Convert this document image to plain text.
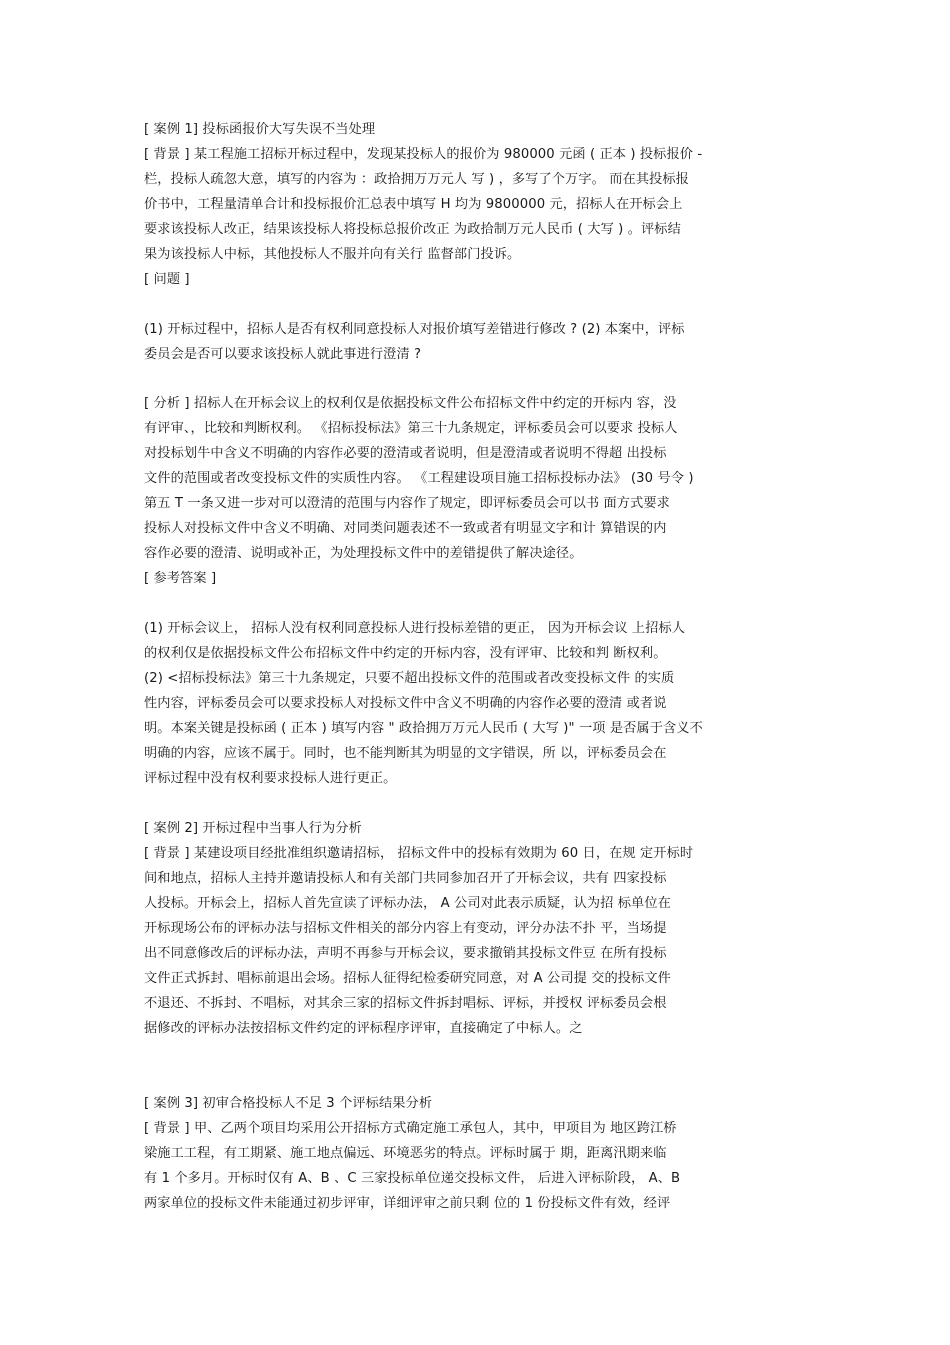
[ 案例 1] 投标函报价大写失误不当处理
[ 背景 ] 某工程施工招标开标过程中，发现某投标人的报价为 980000 元函 ( 正本 ) 投标报价 -
栏，投标人疏忽大意，填写的内容为 ：政拾拥万万元人 写 ) ，多写了个万字。 而在其投标报
价书中，工程量清单合计和投标报价汇总表中填写 H 均为 9800000 元，招标人在开标会上
要求该投标人改正，结果该投标人将投标总报价改正 为政拾制万元人民币 ( 大写 ) 。评标结
果为该投标人中标，其他投标人不服并向有关行 监督部门投诉。
[ 问题 ]
(1) 开标过程中，招标人是否有权利同意投标人对报价填写差错进行修改 ? (2) 本案中，评标
委员会是否可以要求该投标人就此事进行澄清 ?
[ 分析 ] 招标人在开标会议上的权利仅是依据投标文件公布招标文件中约定的开标内 容，没
有评审、，比较和判断权利。 《招标投标法》第三十九条规定，评标委员会可以要求 投标人
对投标划牛中含义不明确的内容作必要的澄清或者说明，但是澄清或者说明不得超 出投标
文件的范围或者改变投标文件的实质性内容。 《工程建设项目施工招标投标办法》 (30 号令 )
第五 T 一条又进一步对可以澄清的范围与内容作了规定，即评标委员会可以书 面方式要求
投标人对投标文件中含义不明确、对同类问题表述不一致或者有明显文字和计 算错误的内
容作必要的澄清、说明或补正，为处理投标文件中的差错提供了解决途径。
[ 参考答案 ]
(1) 开标会议上， 招标人没有权利同意投标人进行投标差错的更正， 因为开标会议 上招标人
的权利仅是依据投标文件公布招标文件中约定的开标内容，没有评审、比较和判 断权利。
(2) <招标投标法》第三十九条规定，只要不超出投标文件的范围或者改变投标文件 的实质
性内容，评标委员会可以要求投标人对投标文件中含义不明确的内容作必要的澄清 或者说
明。本案关键是投标函 ( 正本 ) 填写内容 " 政拾拥万万元人民币 ( 大写 )" 一项 是否属于含义不
明确的内容，应该不属于。同时，也不能判断其为明显的文字错误，所 以，评标委员会在
评标过程中没有权利要求投标人进行更正。
[ 案例 2] 开标过程中当事人行为分析
[ 背景 ] 某建设项目经批准组织邀请招标， 招标文件中的投标有效期为 60 日，在规 定开标时
间和地点，招标人主持并邀请投标人和有关部门共同参加召开了开标会议，共有 四家投标
人投标。开标会上，招标人首先宣读了评标办法， A 公司对此表示质疑，认为招 标单位在
开标现场公布的评标办法与招标文件相关的部分内容上有变动，评分办法不扑 平，当场提
出不同意修改后的评标办法，声明不再参与开标会议，要求撤销其投标文件豆 在所有投标
文件正式拆封、唱标前退出会场。招标人征得纪检委研究同意，对 A 公司提 交的投标文件
不退还、不拆封、不唱标，对其余三家的招标文件拆封唱标、评标，并授权 评标委员会根
据修改的评标办法按招标文件约定的评标程序评审，直接确定了中标人。之
[ 案例 3] 初审合格投标人不足 3 个评标结果分析
[ 背景 ] 甲、乙两个项目均采用公开招标方式确定施工承包人，其中，甲项目为 地区跨江桥
梁施工工程，有工期紧、施工地点偏远、环境恶劣的特点。评标时属于 期，距离汛期来临
有 1 个多月。开标时仅有 A、B 、C 三家投标单位递交投标文件， 后进入评标阶段， A、B
两家单位的投标文件未能通过初步评审，详细评审之前只剩 位的 1 份投标文件有效，经评
